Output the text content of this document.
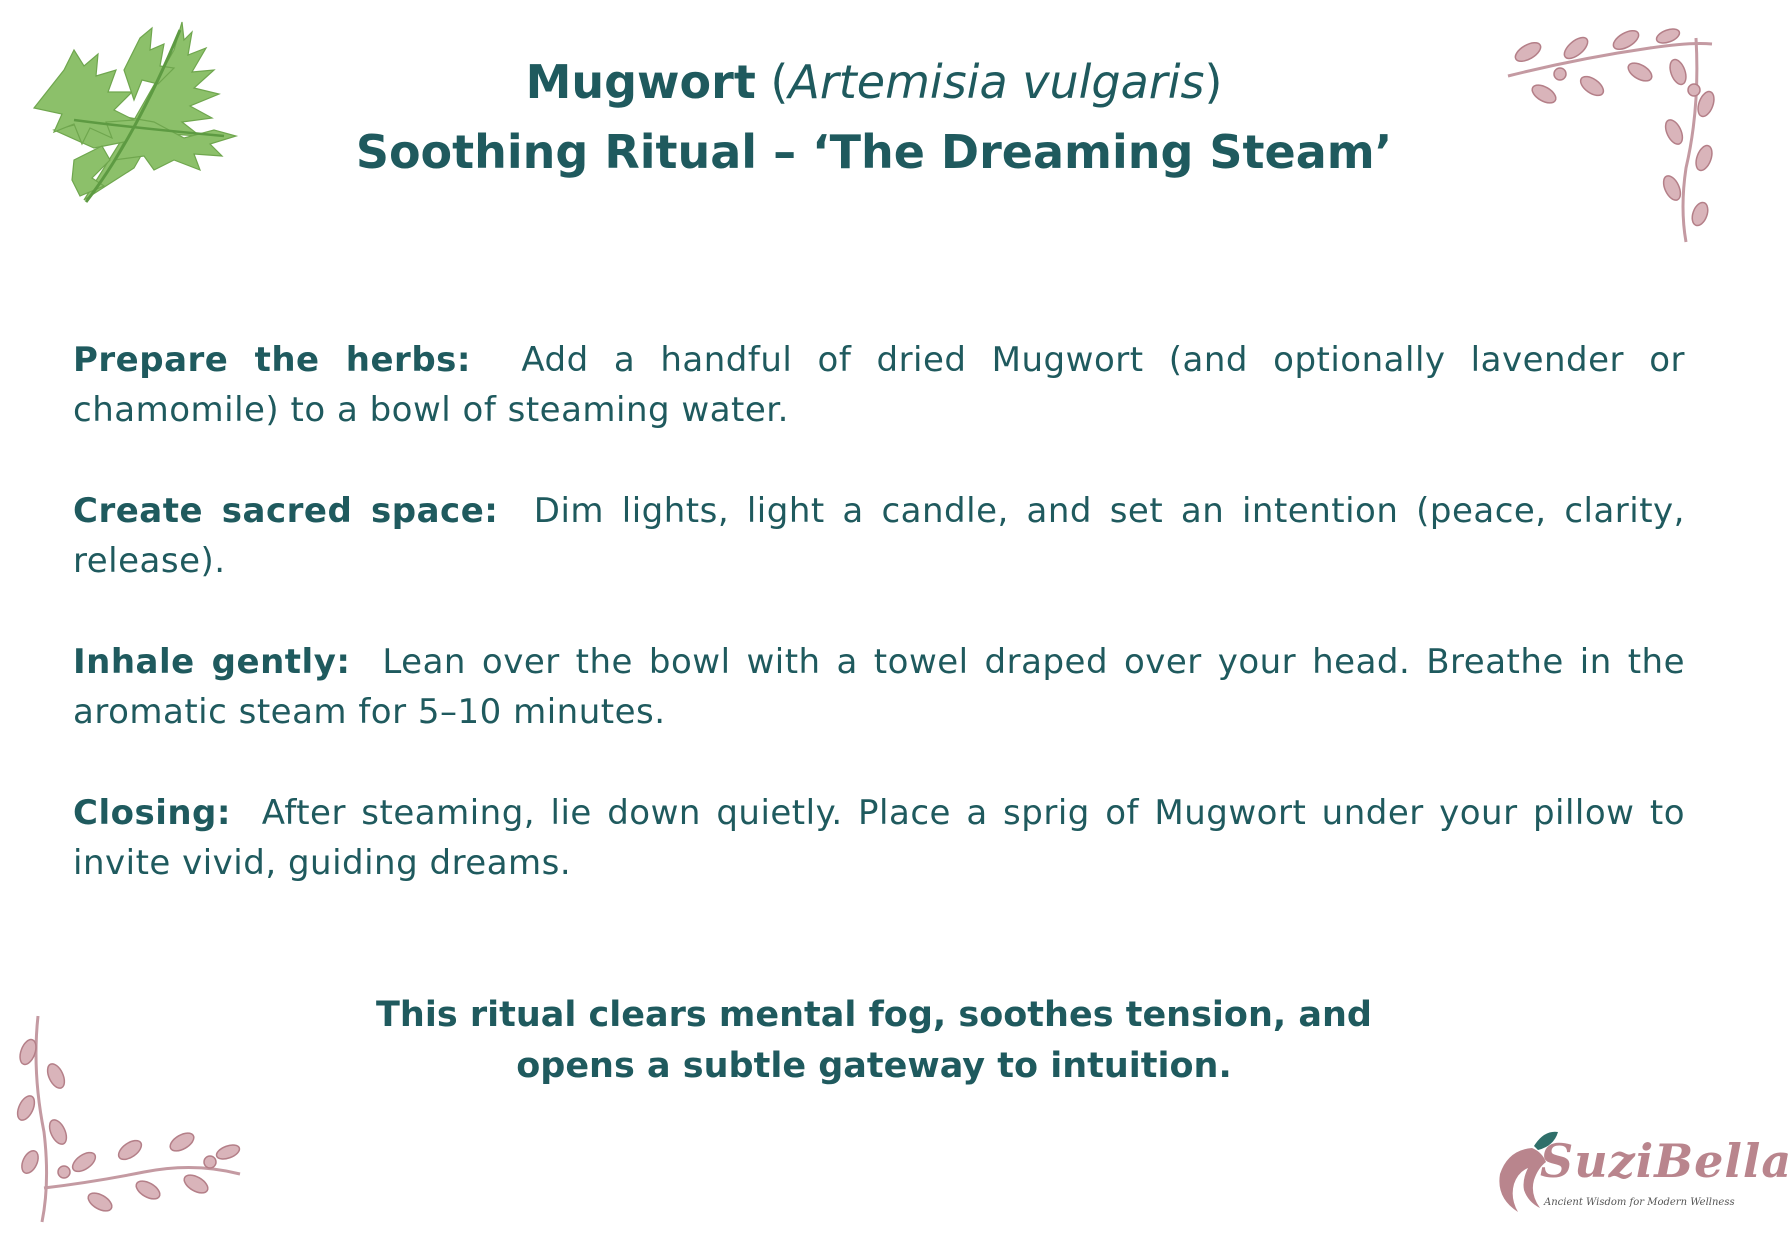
Mugwort (Artemisia vulgaris)
Soothing Ritual – ‘The Dreaming Steam’

Prepare the herbs: Add a handful of dried Mugwort (and optionally lavender or chamomile) to a bowl of steaming water.

Create sacred space: Dim lights, light a candle, and set an intention (peace, clarity, release).

Inhale gently: Lean over the bowl with a towel draped over your head. Breathe in the aromatic steam for 5–10 minutes.

Closing: After steaming, lie down quietly. Place a sprig of Mugwort under your pillow to invite vivid, guiding dreams.

This ritual clears mental fog, soothes tension, and
opens a subtle gateway to intuition.
SuziBella
Ancient Wisdom for Modern Wellness
